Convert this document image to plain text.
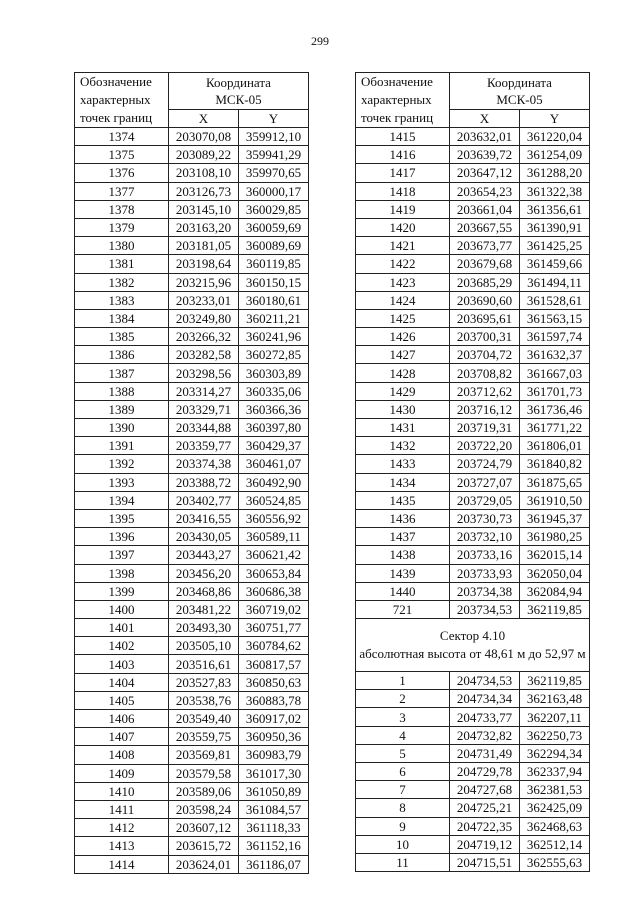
299
Обозначение характерных точек границ	Координата
МСК-05	
	X	Y
1374	203070,08	359912,10
1375	203089,22	359941,29
1376	203108,10	359970,65
1377	203126,73	360000,17
1378	203145,10	360029,85
1379	203163,20	360059,69
1380	203181,05	360089,69
1381	203198,64	360119,85
1382	203215,96	360150,15
1383	203233,01	360180,61
1384	203249,80	360211,21
1385	203266,32	360241,96
1386	203282,58	360272,85
1387	203298,56	360303,89
1388	203314,27	360335,06
1389	203329,71	360366,36
1390	203344,88	360397,80
1391	203359,77	360429,37
1392	203374,38	360461,07
1393	203388,72	360492,90
1394	203402,77	360524,85
1395	203416,55	360556,92
1396	203430,05	360589,11
1397	203443,27	360621,42
1398	203456,20	360653,84
1399	203468,86	360686,38
1400	203481,22	360719,02
1401	203493,30	360751,77
1402	203505,10	360784,62
1403	203516,61	360817,57
1404	203527,83	360850,63
1405	203538,76	360883,78
1406	203549,40	360917,02
1407	203559,75	360950,36
1408	203569,81	360983,79
1409	203579,58	361017,30
1410	203589,06	361050,89
1411	203598,24	361084,57
1412	203607,12	361118,33
1413	203615,72	361152,16
1414	203624,01	361186,07
Обозначение характерных точек границ	Координата
МСК-05	
	X	Y
1415	203632,01	361220,04
1416	203639,72	361254,09
1417	203647,12	361288,20
1418	203654,23	361322,38
1419	203661,04	361356,61
1420	203667,55	361390,91
1421	203673,77	361425,25
1422	203679,68	361459,66
1423	203685,29	361494,11
1424	203690,60	361528,61
1425	203695,61	361563,15
1426	203700,31	361597,74
1427	203704,72	361632,37
1428	203708,82	361667,03
1429	203712,62	361701,73
1430	203716,12	361736,46
1431	203719,31	361771,22
1432	203722,20	361806,01
1433	203724,79	361840,82
1434	203727,07	361875,65
1435	203729,05	361910,50
1436	203730,73	361945,37
1437	203732,10	361980,25
1438	203733,16	362015,14
1439	203733,93	362050,04
1440	203734,38	362084,94
721	203734,53	362119,85
Сектор 4.10
абсолютная высота от 48,61 м до 52,97 м		
1	204734,53	362119,85
2	204734,34	362163,48
3	204733,77	362207,11
4	204732,82	362250,73
5	204731,49	362294,34
6	204729,78	362337,94
7	204727,68	362381,53
8	204725,21	362425,09
9	204722,35	362468,63
10	204719,12	362512,14
11	204715,51	362555,63
